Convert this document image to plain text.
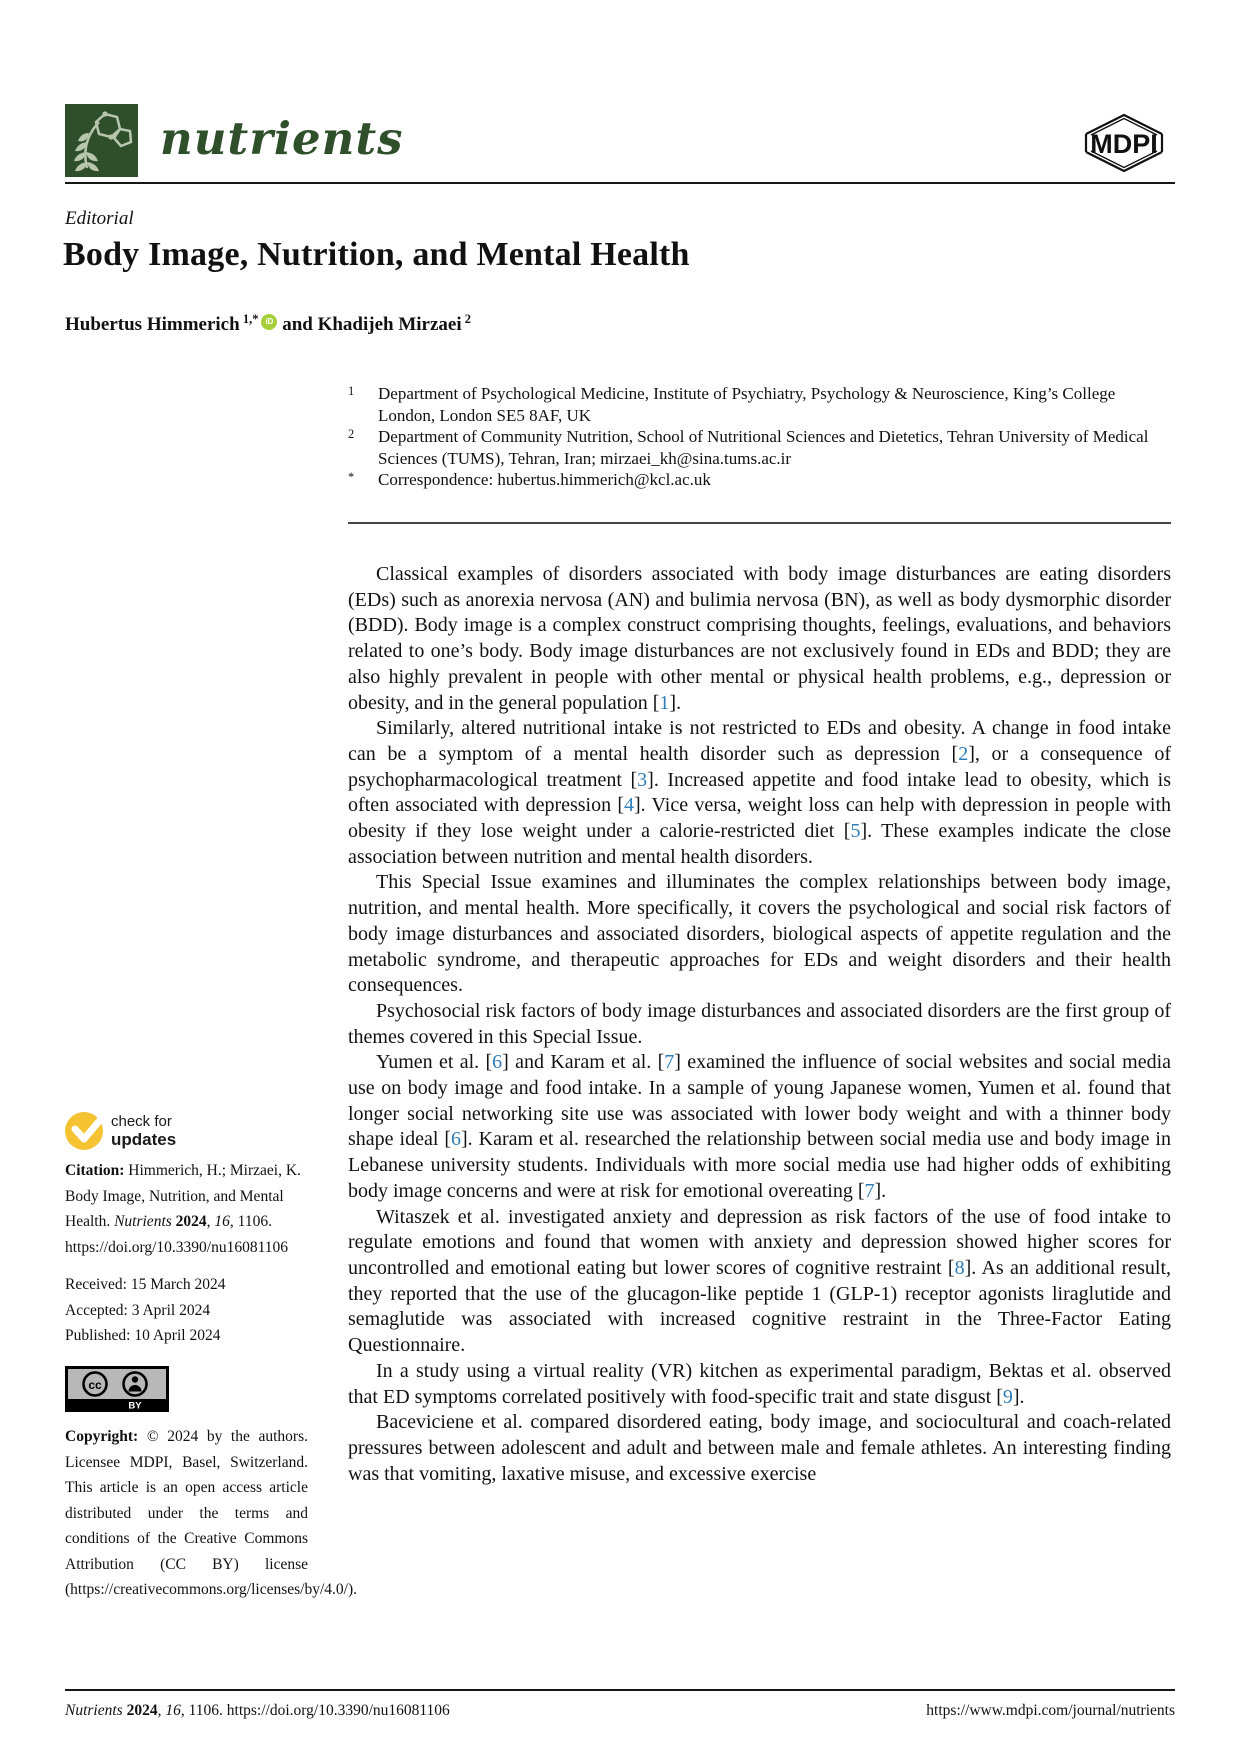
nutrients	MDPI
Editorial
Body Image, Nutrition, and Mental Health
Hubertus Himmerich $^{1,*}$ iD and Khadijeh Mirzaei $^2$
1	Department of Psychological Medicine, Institute of Psychiatry, Psychology & Neuroscience, King’s College London, London SE5 8AF, UK
2	Department of Community Nutrition, School of Nutritional Sciences and Dietetics, Tehran University of Medical Sciences (TUMS), Tehran, Iran; mirzaei_kh@sina.tums.ac.ir
*	Correspondence: hubertus.himmerich@kcl.ac.uk

Classical examples of disorders associated with body image disturbances are eating disorders (EDs) such as anorexia nervosa (AN) and bulimia nervosa (BN), as well as body dysmorphic disorder (BDD). Body image is a complex construct comprising thoughts, feelings, evaluations, and behaviors related to one’s body. Body image disturbances are not exclusively found in EDs and BDD; they are also highly prevalent in people with other mental or physical health problems, e.g., depression or obesity, and in the general population [1].

Similarly, altered nutritional intake is not restricted to EDs and obesity. A change in food intake can be a symptom of a mental health disorder such as depression [2], or a consequence of psychopharmacological treatment [3]. Increased appetite and food intake lead to obesity, which is often associated with depression [4]. Vice versa, weight loss can help with depression in people with obesity if they lose weight under a calorie-restricted diet [5]. These examples indicate the close association between nutrition and mental health disorders.

This Special Issue examines and illuminates the complex relationships between body image, nutrition, and mental health. More specifically, it covers the psychological and social risk factors of body image disturbances and associated disorders, biological aspects of appetite regulation and the metabolic syndrome, and therapeutic approaches for EDs and weight disorders and their health consequences.

Psychosocial risk factors of body image disturbances and associated disorders are the first group of themes covered in this Special Issue.

Yumen et al. [6] and Karam et al. [7] examined the influence of social websites and social media use on body image and food intake. In a sample of young Japanese women, Yumen et al. found that longer social networking site use was associated with lower body weight and with a thinner body shape ideal [6]. Karam et al. researched the relationship between social media use and body image in Lebanese university students. Individuals with more social media use had higher odds of exhibiting body image concerns and were at risk for emotional overeating [7].

Witaszek et al. investigated anxiety and depression as risk factors of the use of food intake to regulate emotions and found that women with anxiety and depression showed higher scores for uncontrolled and emotional eating but lower scores of cognitive restraint [8]. As an additional result, they reported that the use of the glucagon-like peptide 1 (GLP-1) receptor agonists liraglutide and semaglutide was associated with increased cognitive restraint in the Three-Factor Eating Questionnaire.

In a study using a virtual reality (VR) kitchen as experimental paradigm, Bektas et al. observed that ED symptoms correlated positively with food-specific trait and state disgust [9].

Baceviciene et al. compared disordered eating, body image, and sociocultural and coach-related pressures between adolescent and adult and between male and female athletes. An interesting finding was that vomiting, laxative misuse, and excessive exercise

check for
updates

Citation: Himmerich, H.; Mirzaei, K. Body Image, Nutrition, and Mental Health. Nutrients 2024, 16, 1106. https://doi.org/10.3390/nu16081106

Received: 15 March 2024
Accepted: 3 April 2024
Published: 10 April 2024
cc
BY

Copyright: © 2024 by the authors. Licensee MDPI, Basel, Switzerland. This article is an open access article distributed under the terms and conditions of the Creative Commons Attribution (CC BY) license (https://creativecommons.org/licenses/by/4.0/).

Nutrients 2024, 16, 1106. https://doi.org/10.3390/nu16081106	https://www.mdpi.com/journal/nutrients
